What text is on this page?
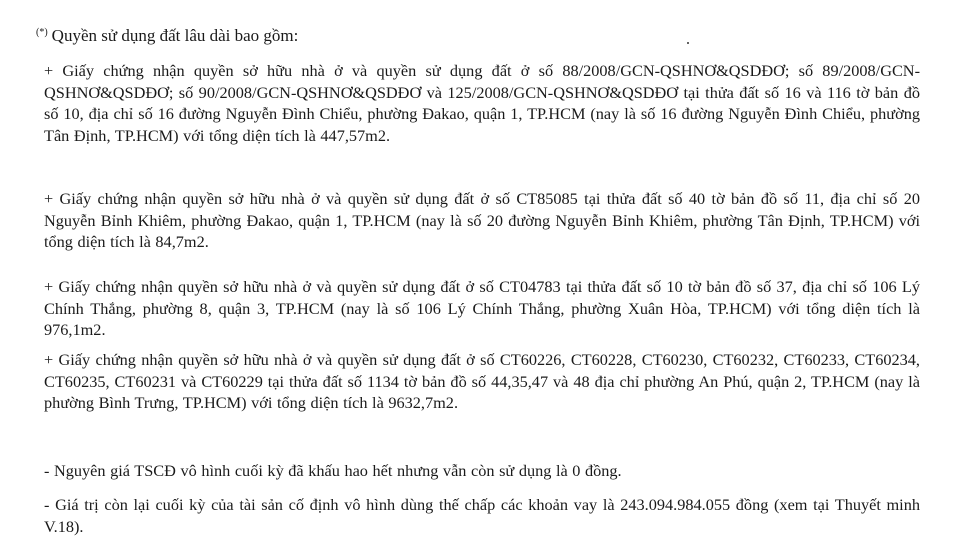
(*) Quyền sử dụng đất lâu dài bao gồm:
+ Giấy chứng nhận quyền sở hữu nhà ở và quyền sử dụng đất ở số 88/2008/GCN-QSHNƠ&QSDĐƠ; số 89/2008/GCN-QSHNƠ&QSDĐƠ; số 90/2008/GCN-QSHNƠ&QSDĐƠ và 125/2008/GCN-QSHNƠ&QSDĐƠ tại thửa đất số 16 và 116 tờ bản đồ số 10, địa chỉ số 16 đường Nguyễn Đình Chiểu, phường Đakao, quận 1, TP.HCM (nay là số 16 đường Nguyễn Đình Chiểu, phường Tân Định, TP.HCM) với tổng diện tích là 447,57m2.
+ Giấy chứng nhận quyền sở hữu nhà ở và quyền sử dụng đất ở số CT85085 tại thửa đất số 40 tờ bản đồ số 11, địa chỉ số 20 Nguyễn Bỉnh Khiêm, phường Đakao, quận 1, TP.HCM (nay là số 20 đường Nguyễn Bỉnh Khiêm, phường Tân Định, TP.HCM) với tổng diện tích là 84,7m2.
+ Giấy chứng nhận quyền sở hữu nhà ở và quyền sử dụng đất ở số CT04783 tại thửa đất số 10 tờ bản đồ số 37, địa chỉ số 106 Lý Chính Thắng, phường 8, quận 3, TP.HCM (nay là số 106 Lý Chính Thắng, phường Xuân Hòa, TP.HCM) với tổng diện tích là 976,1m2.
+ Giấy chứng nhận quyền sở hữu nhà ở và quyền sử dụng đất ở số CT60226, CT60228, CT60230, CT60232, CT60233, CT60234, CT60235, CT60231 và CT60229 tại thửa đất số 1134 tờ bản đồ số 44,35,47 và 48 địa chỉ phường An Phú, quận 2, TP.HCM (nay là phường Bình Trưng, TP.HCM) với tổng diện tích là 9632,7m2.
- Nguyên giá TSCĐ vô hình cuối kỳ đã khấu hao hết nhưng vẫn còn sử dụng là 0 đồng.
- Giá trị còn lại cuối kỳ của tài sản cố định vô hình dùng thế chấp các khoản vay là 243.094.984.055 đồng (xem tại Thuyết minh V.18).
